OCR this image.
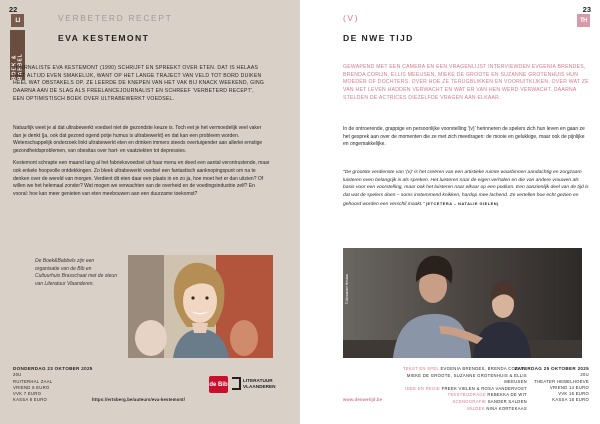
22
LI
BOEK & BABBEL
VERBETERD RECEPT
EVA KESTEMONT
JOURNALISTE EVA KESTEMONT (1990) SCHRIJFT EN SPREEKT OVER ETEN. DAT IS HELAAS NIET ALTIJD EVEN SMAKELIJK, WANT OP HET LANGE TRAJECT VAN VELD TOT BORD DUIKEN HEEL WAT OBSTAKELS OP. ZE LEERDE DE KNEPEN VAN HET VAK BIJ KNACK WEEKEND, GING DAARNA AAN DE SLAG ALS FREELANCEJOURNALIST EN SCHREEF 'VERBETERD RECEPT', EEN OPTIMISTISCH BOEK OVER ULTRABEWERKT VOEDSEL.

Natuurlijk weet je al dat ultrabewerkt voedsel niet de gezondste keuze is. Toch eet je het vermoedelijk veel vaker dan je denkt (ja, ook dat gezond ogend potje humus is ultrabewerkt) en dat kan een probleem worden. Wetenschappelijk onderzoek linkt ultrabewerkt eten en drinken immers steeds overtuigender aan allerlei ernstige gezondheidsproblemen, van obesitas over hart- en vaatziekten tot depressies.

Kestemont schrapte een maand lang al het fabrieksvoedsel uit haar menu en deed een aantal verontrustende, maar ook enkele hoopvolle ontdekkingen. Zo bleek ultrabewerkt voedsel een fantastisch aanknopingspunt om na te denken over de wereld van morgen. Verdient dit eten daar een plaats in en zo ja, hoe moet het er dan uitzien? Of willen we het helemaal zonder? Wat mogen we verwachten van de overheid en de voedingsindustrie zelf? En vooral: hoe kan meer genieten van eten meebouwen aan een duurzame toekomst?

De Boek&Babbels zijn een organisatie van de Bib en Cultuurhuis Brasschaat met de steun van Literatuur Vlaanderen.
DONDERDAG 23 OKTOBER 2025
20U
RUITERHAL ZAAL
VRIEND 6 EURO
VVK 7 EURO
KASSA 8 EURO	https://ertsberg.be/auteurs/eva-kestemont/
de Bib
LITERATUUR
VLAANDEREN
23
TH
(V)
DE NWE TIJD
GEWAPEND MET EEN CAMERA EN EEN VRAGENLIJST INTERVIEWDEN EVGENIA BRENDES, BRENDA CORIJN, ELLIS MEEUSEN, MIEKE DE GROOTE EN SUZANNE GROTENHUIS HUN MOEDER OF DOCHTERS. OVER HOE ZE TERUGBLIKKEN EN VOORUITKIJKEN. OVER WAT ZE VAN HET LEVEN HADDEN VERWACHT EN WAT ER VAN HEN WERD VERWACHT. DAARNA STELDEN DE ACTRICES DIEZELFDE VRAGEN AAN ELKAAR.

In de ontroerende, grappige en persoonlijke voorstelling '(v)' herinneren de spelers zich hun leven en gaan ze het gesprek aan over de momenten die ze met zich meedragen: de mooie en gelukkige, maar ook de pijnlijke en ongemakkelijke.

"De grootste verdienste van '(v)' is het creëren van een artistieke ruimte waarbinnen aandachtig en zorgzaam luisteren even belangrijk is als spreken. Het luisteren naar de eigen verhalen en die van andere vrouwen als basis voor een voorstelling, maar ook het luisteren naar elkaar op een podium. Een aanzienlijk deel van de tijd is dat wat de spelers doen – soms instemmend knikken, hardop mee lachend. Ze vertellen hoe echt gezien en gehoord worden een verschil maakt." (ETCETERA – NATALIE GIELEN)
© Alexander Hesbos
TEKST EN SPEL EVGENIA BRENDES, BRENDA CORIJN,
MIEKE DE GROOTE, SUZANNE GROTENHUIS & ELLIS MEEUSEN
IDEE EN REGIE FREEK VIELEN & ROSA VANDERVOST
TEKSTBIJDRAGE REBEKKA DE WIT
SCENOGRAFIE SANDER SALDEN
MUZIEK NINA KORTEKAAS
ZATERDAG 25 OKTOBER 2025
20U
THEATER HEMELHOEVE
VRIEND 14 EURO
VVK 16 EURO
KASSA 18 EURO
www.denwetijd.be
